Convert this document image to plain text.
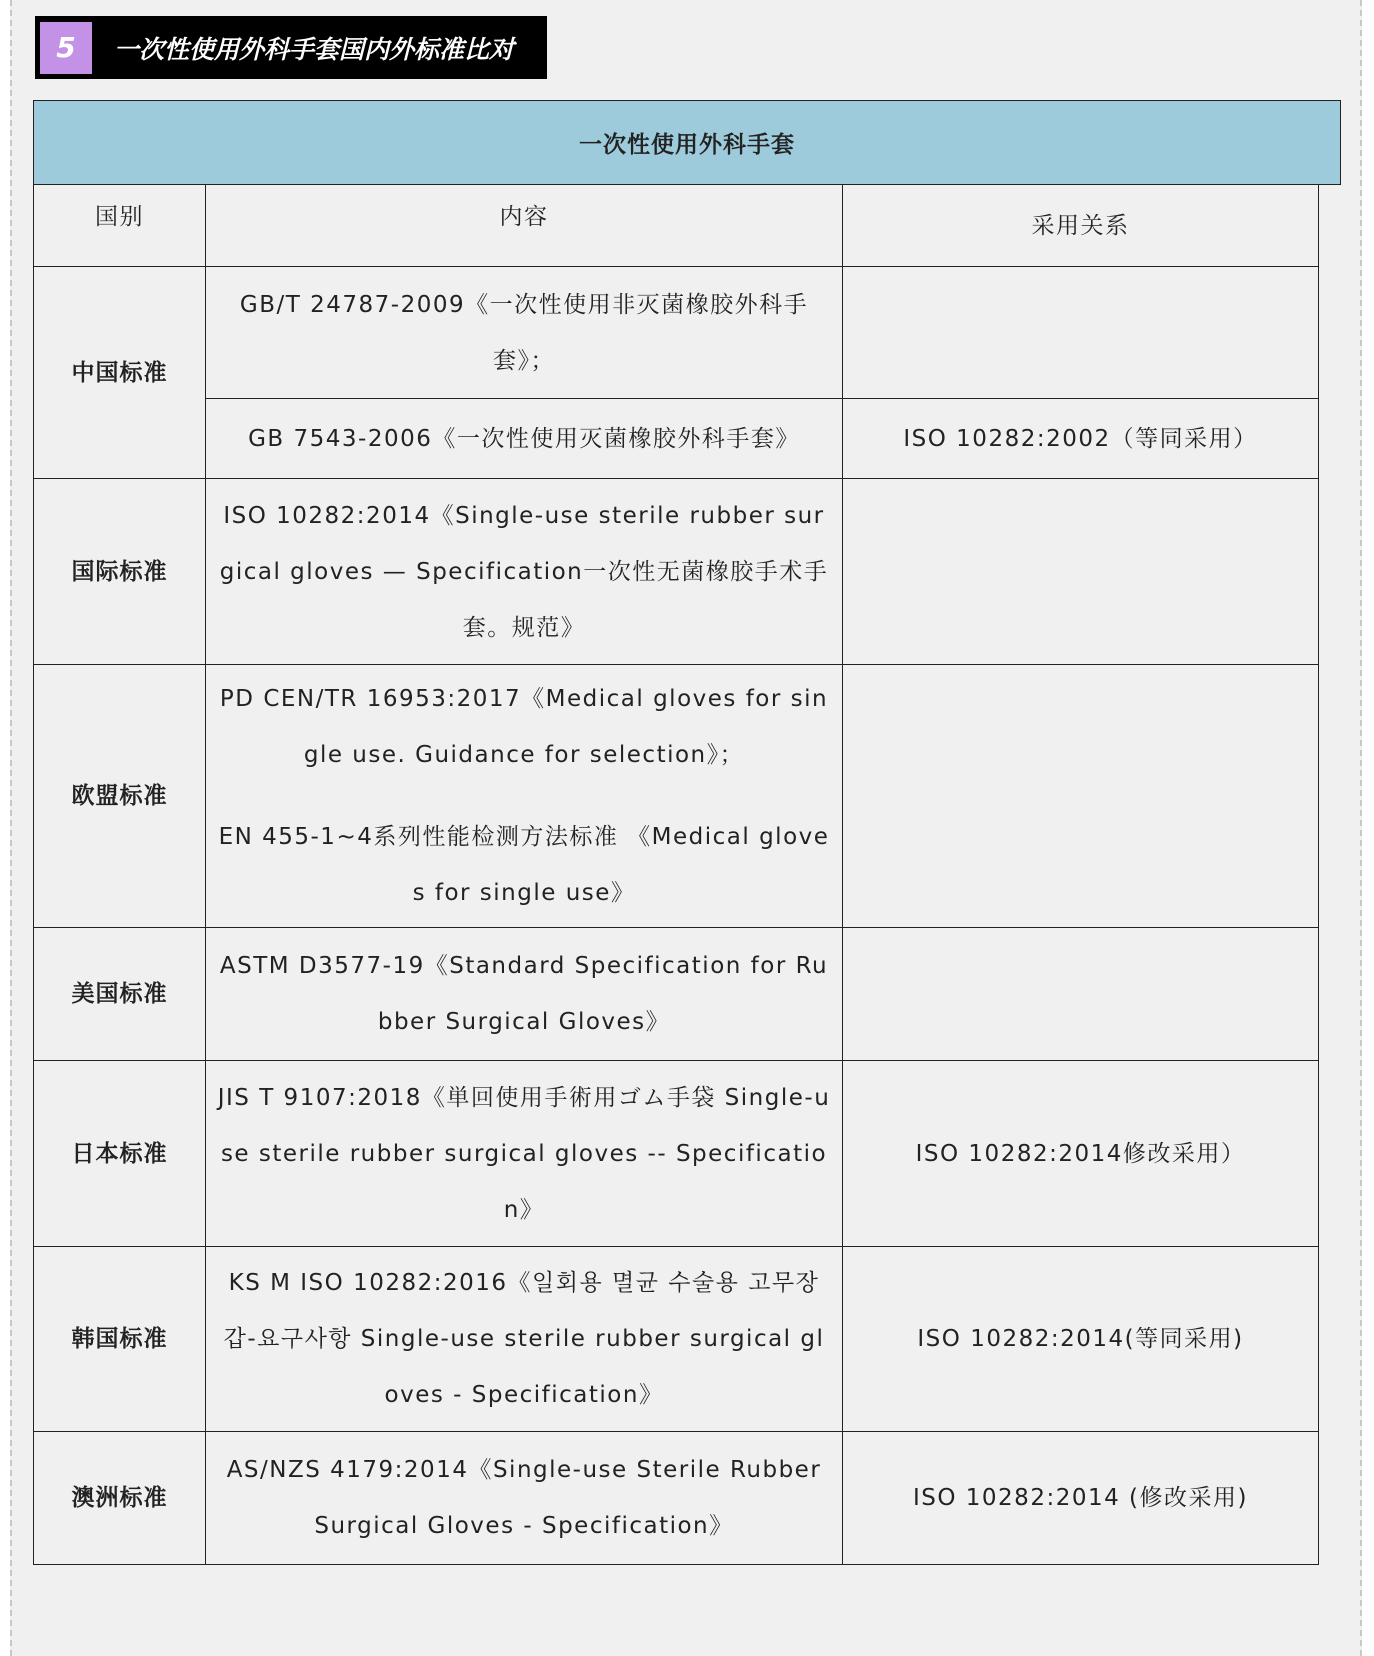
5	一次性使用外科手套国内外标准比对
一次性使用外科手套
国别	内容	采用关系
中国标准	GB/T 24787-2009《一次性使用非灭菌橡胶外科手套》；	
	GB 7543-2006《一次性使用灭菌橡胶外科手套》	ISO 10282:2002（等同采用）
国际标准	ISO 10282:2014《Single-use sterile rubber surgical gloves — Specification一次性无菌橡胶手术手套。规范》	
欧盟标准	PD CEN/TR 16953:2017《Medical gloves for single use. Guidance for selection》；
EN 455-1~4系列性能检测方法标准 《Medical gloves for single use》	

美国标准	ASTM D3577-19《Standard Specification for Rubber Surgical Gloves》	
日本标准	JIS T 9107:2018《単回使用手術用ゴム手袋 Single-use sterile rubber surgical gloves -- Specification》	ISO 10282:2014修改采用）
韩国标准	KS M ISO 10282:2016《일회용 멸균 수술용 고무장갑-요구사항 Single-use sterile rubber surgical gloves - Specification》	ISO 10282:2014(等同采用)
澳洲标准	AS/NZS 4179:2014《Single-use Sterile Rubber Surgical Gloves - Specification》	ISO 10282:2014 (修改采用)
